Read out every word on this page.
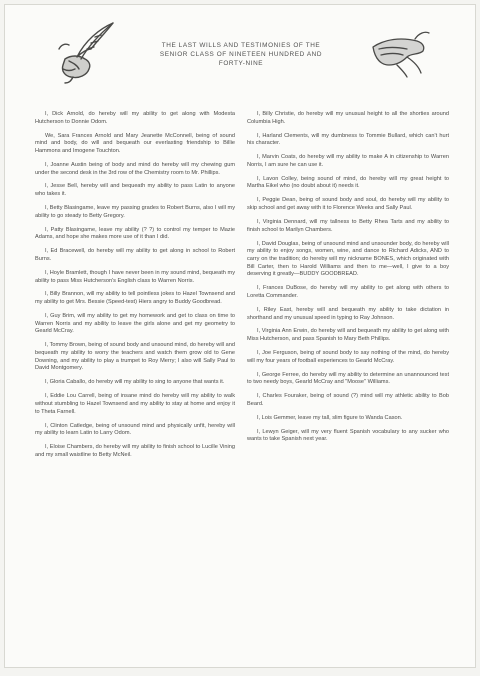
THE LAST WILLS AND TESTIMONIES OF THE
SENIOR CLASS OF NINETEEN HUNDRED AND
FORTY-NINE

I, Dick Arnold, do hereby will my ability to get along with Modesta Hutcherson to Donnie Odom.

We, Sara Frances Arnold and Mary Jeanette McConnell, being of sound mind and body, do will and bequeath our everlasting friendship to Billie Hammons and Imogene Touchton.

I, Joanne Austin being of body and mind do hereby will my chewing gum under the second desk in the 3rd row of the Chemistry room to Mr. Phillips.

I, Jesse Bell, hereby will and bequeath my ability to pass Latin to anyone who takes it.

I, Betty Blasingame, leave my passing grades to Robert Burns, also I will my ability to go steady to Betty Gregory.

I, Patty Blasingame, leave my ability (? ?) to control my temper to Mazie Adams, and hope she makes more use of it than I did.

I, Ed Bracewell, do hereby will my ability to get along in school to Robert Burns.

I, Hoyle Bramlett, though I have never been in my sound mind, bequeath my ability to pass Miss Hutcherson's English class to Warren Norris.

I, Billy Brannon, will my ability to tell pointless jokes to Hazel Townsend and my ability to get Mrs. Bessie (Speed-test) Hiers angry to Buddy Goodbread.

I, Guy Brim, will my ability to get my homework and get to class on time to Warren Norris and my ability to leave the girls alone and get my geometry to Gearld McCray.

I, Tommy Brown, being of sound body and unsound mind, do hereby will and bequeath my ability to worry the teachers and watch them grow old to Gene Downing, and my ability to play a trumpet to Roy Merry; I also will Sally Paul to David Montgomery.

I, Gloria Caballo, do hereby will my ability to sing to anyone that wants it.

I, Eddie Lou Carrell, being of insane mind do hereby will my ability to walk without stumbling to Hazel Townsend and my ability to stay at home and enjoy it to Theta Farnell.

I, Clinton Catledge, being of unsound mind and physically unfit, hereby will my ability to learn Latin to Larry Odom.

I, Eloise Chambers, do hereby will my ability to finish school to Lucille Vining and my small waistline to Betty McNeil.

I, Billy Christie, do hereby will my unusual height to all the shorties around Columbia High.

I, Harland Clements, will my dumbness to Tommie Bullard, which can't hurt his character.

I, Marvin Coats, do hereby will my ability to make A in citizenship to Warren Norris, I am sure he can use it.

I, Lavon Colley, being sound of mind, do hereby will my great height to Martha Eikel who (no doubt about it) needs it.

I, Peggie Dean, being of sound body and soul, do hereby will my ability to skip school and get away with it to Florence Weeks and Sally Paul.

I, Virginia Dennard, will my tallness to Betty Rhea Tarts and my ability to finish school to Marilyn Chambers.

I, David Douglas, being of unsound mind and unsounder body, do hereby will my ability to enjoy songs, women, wine, and dance to Richard Adicks, AND to carry on the tradition; do hereby will my nickname BONES, which originated with Bill Carter, then to Harold Williams and then to me—well, I give to a boy deserving it greatly—BUDDY GOODBREAD.

I, Frances DuBose, do hereby will my ability to get along with others to Loretta Commander.

I, Riley East, hereby will and bequeath my ability to take dictation in shorthand and my unusual speed in typing to Ray Johnson.

I, Virginia Ann Erwin, do hereby will and bequeath my ability to get along with Miss Hutcherson, and pass Spanish to Mary Beth Phillips.

I, Joe Ferguson, being of sound body to say nothing of the mind, do hereby will my four years of football experiences to Gearld McCray.

I, George Ferree, do hereby will my ability to determine an unannounced test to two needy boys, Gearld McCray and "Moose" Williams.

I, Charles Fouraker, being of sound (?) mind will my athletic ability to Bob Beard.

I, Lois Gemmer, leave my tall, slim figure to Wanda Cason.

I, Lewyn Geiger, will my very fluent Spanish vocabulary to any sucker who wants to take Spanish next year.
